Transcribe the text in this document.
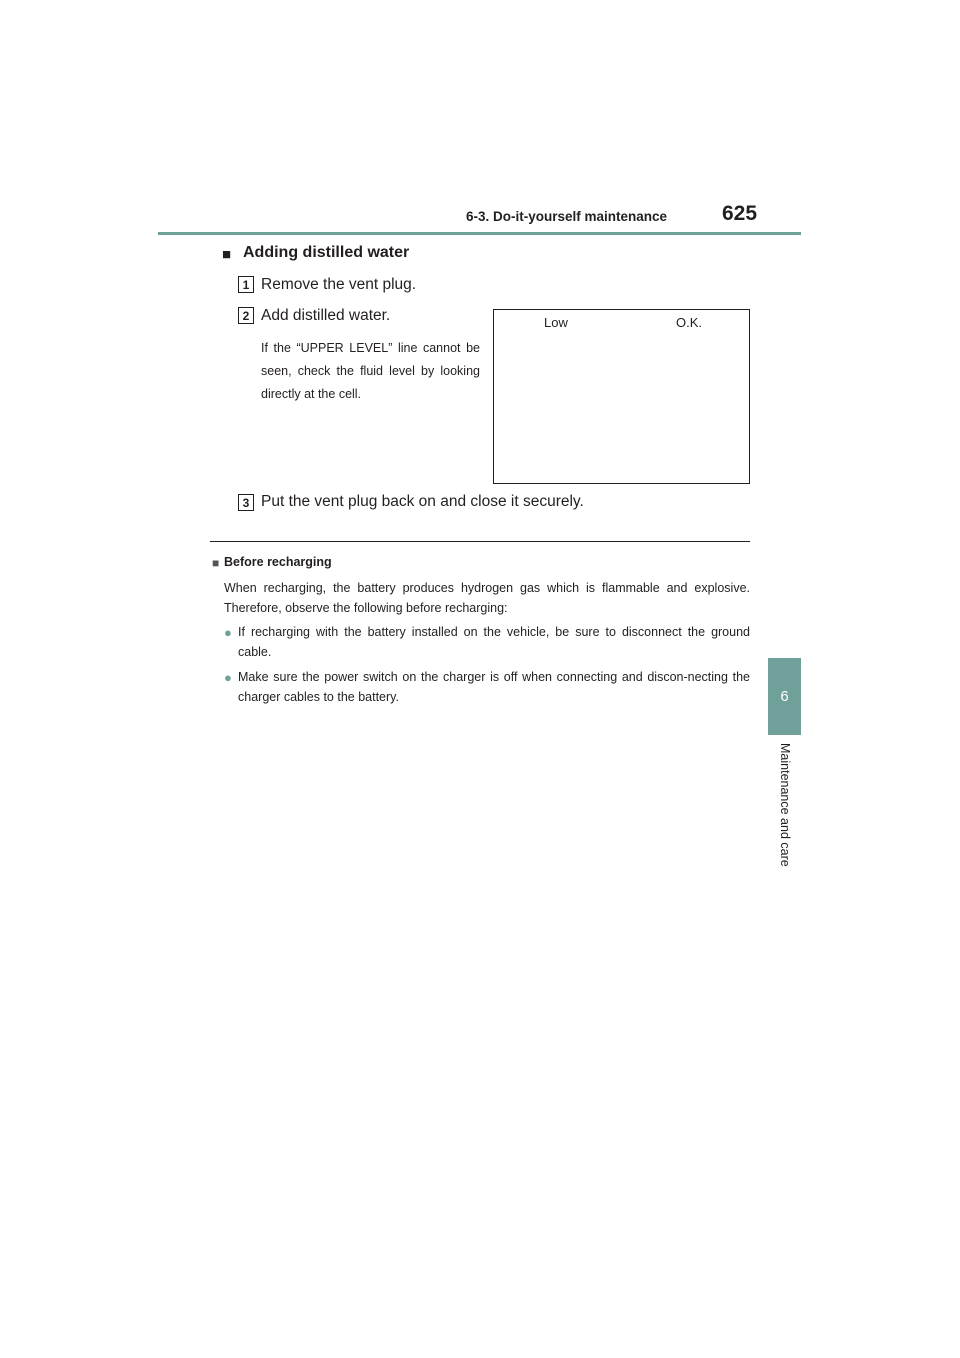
6-3. Do-it-yourself maintenance	625
6
Maintenance and care
■ Adding distilled water
1 Remove the vent plug.
2 Add distilled water.
If the “UPPER LEVEL” line cannot be seen, check the fluid level by looking directly at the cell.
Low	O.K.
3 Put the vent plug back on and close it securely.
■ Before recharging
When recharging, the battery produces hydrogen gas which is flammable and explosive. Therefore, observe the following before recharging:
● If recharging with the battery installed on the vehicle, be sure to disconnect the ground cable.
● Make sure the power switch on the charger is off when connecting and discon-necting the charger cables to the battery.
